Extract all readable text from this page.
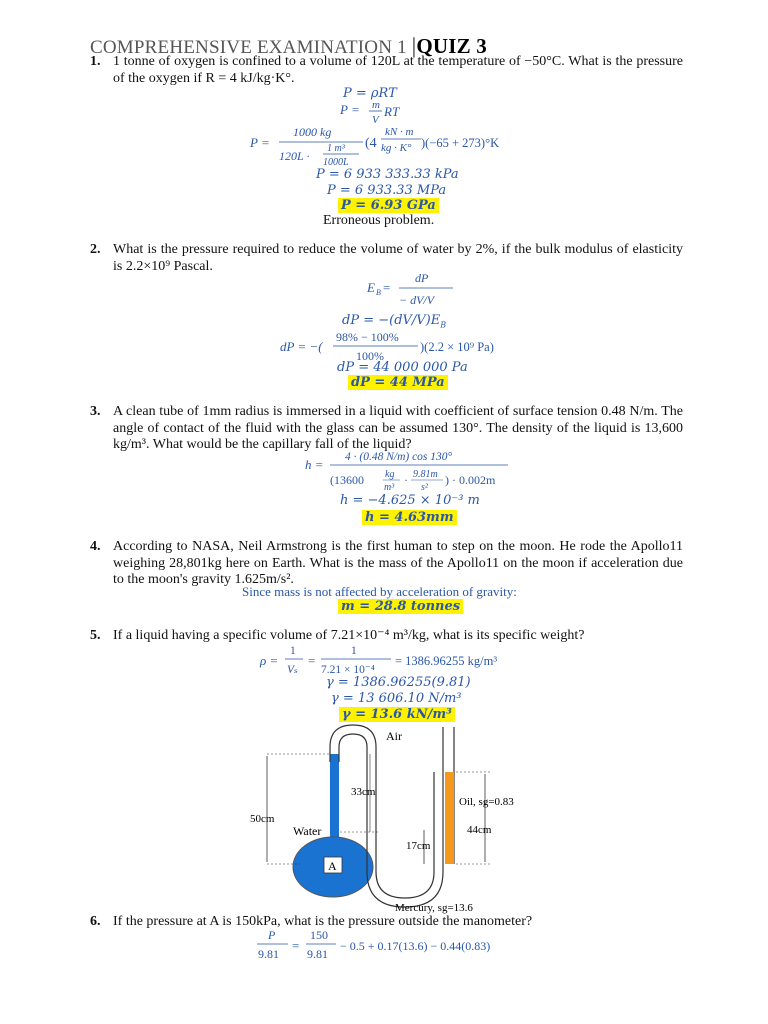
COMPREHENSIVE EXAMINATION 1 |QUIZ 3
1. 1 tonne of oxygen is confined to a volume of 120L at the temperature of −50°C. What is the pressure of the oxygen if R = 4 kJ/kg·K°.
P = ρRT
P = m
V
RT
P =
1000 kg
120L ·
1 m³
1000L
(4
kN · m
kg · K° )(−65 + 273)°K
P = 6 933 333.33 kPa
P = 6 933.33 MPa
P = 6.93 GPa
Erroneous problem.
2. What is the pressure required to reduce the volume of water by 2%, if the bulk modulus of elasticity is 2.2×10⁹ Pascal.
E B =
dP
− dV/V
dP = $-(dV/V)E_B$
dP = −(
98% − 100%
100%
)(2.2 × 10⁹ Pa)
dP = 44 000 000 Pa
dP = 44 MPa
3. A clean tube of 1mm radius is immersed in a liquid with coefficient of surface tension 0.48 N/m. The angle of contact of the fluid with the glass can be assumed 130°. The density of the liquid is 13,600 kg/m³. What would be the capillary fall of the liquid?
h = 4 · (0.48 N/m) cos 130°
(13600 kg
m³
· 9.81m
s²
) · 0.002m
h = −4.625 × 10⁻³ m
h = 4.63mm
4. According to NASA, Neil Armstrong is the first human to step on the moon. He rode the Apollo11 weighing 28,801kg here on Earth. What is the mass of the Apollo11 on the moon if acceleration due to the moon's gravity 1.625m/s².
Since mass is not affected by acceleration of gravity:
m = 28.8 tonnes
5. If a liquid having a specific volume of 7.21×10⁻⁴ m³/kg, what is its specific weight?
ρ =
1
Vₛ
=
1
7.21 × 10⁻⁴
= 1386.96255 kg/m³
γ = 1386.96255(9.81)
γ = 13 606.10 N/m³
γ = 13.6 kN/m³
A
Air
50cm
Water
33cm
17cm
Oil, sg=0.83
44cm
Mercury, sg=13.6
6. If the pressure at A is 150kPa, what is the pressure outside the manometer?
P
9.81
=
150
9.81
− 0.5 + 0.17(13.6) − 0.44(0.83)
